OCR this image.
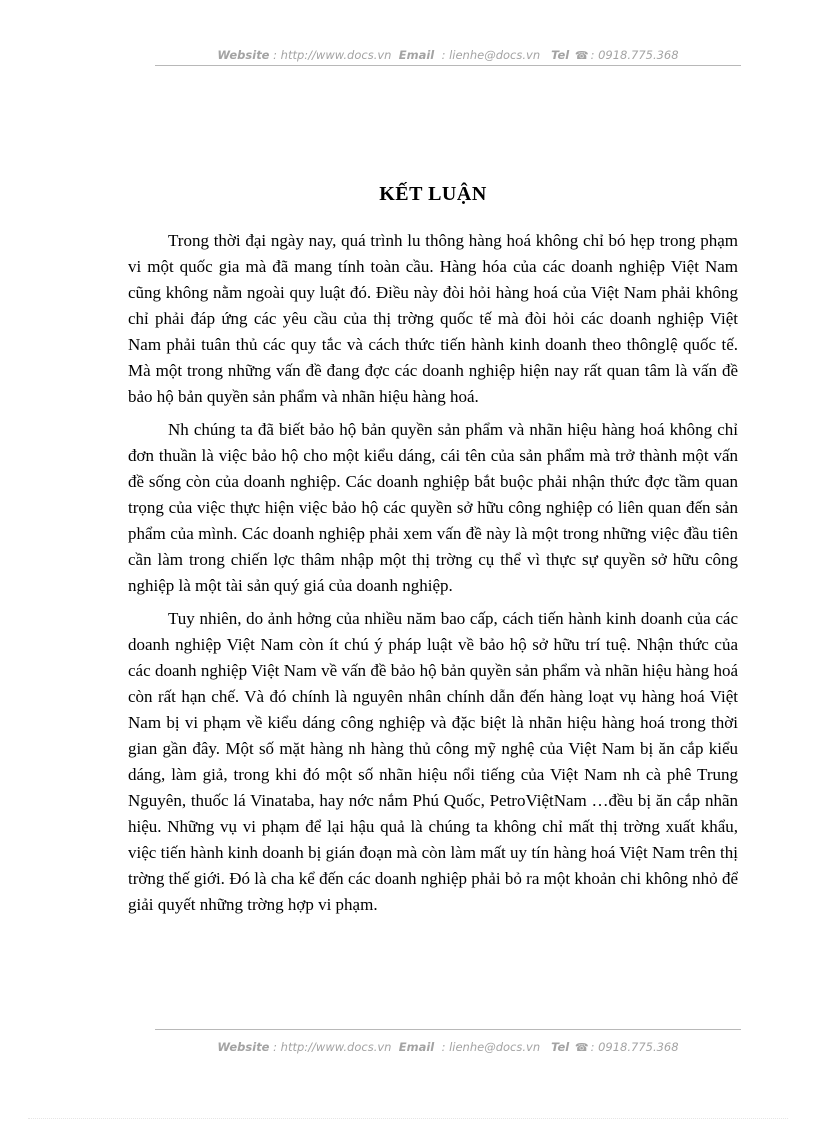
Website : http://www.docs.vn Email : lienhe@docs.vn Tel ☎ : 0918.775.368
KẾT LUẬN

Trong thời đại ngày nay, quá trình lu thông hàng hoá không chỉ bó hẹp trong phạm vi một quốc gia mà đã mang tính toàn cầu. Hàng hóa của các doanh nghiệp Việt Nam cũng không nằm ngoài quy luật đó. Điều này đòi hỏi hàng hoá của Việt Nam phải không chỉ phải đáp ứng các yêu cầu của thị trờng quốc tế mà đòi hỏi các doanh nghiệp Việt Nam phải tuân thủ các quy tắc và cách thức tiến hành kinh doanh theo thônglệ quốc tế. Mà một trong những vấn đề đang đợc các doanh nghiệp hiện nay rất quan tâm là vấn đề bảo hộ bản quyền sản phẩm và nhãn hiệu hàng hoá.

Nh chúng ta đã biết bảo hộ bản quyền sản phẩm và nhãn hiệu hàng hoá không chỉ đơn thuần là việc bảo hộ cho một kiểu dáng, cái tên của sản phẩm mà trở thành một vấn đề sống còn của doanh nghiệp. Các doanh nghiệp bắt buộc phải nhận thức đợc tầm quan trọng của việc thực hiện việc bảo hộ các quyền sở hữu công nghiệp có liên quan đến sản phẩm của mình. Các doanh nghiệp phải xem vấn đề này là một trong những việc đầu tiên cần làm trong chiến lợc thâm nhập một thị trờng cụ thể vì thực sự quyền sở hữu công nghiệp là một tài sản quý giá của doanh nghiệp.

Tuy nhiên, do ảnh hởng của nhiều năm bao cấp, cách tiến hành kinh doanh của các doanh nghiệp Việt Nam còn ít chú ý pháp luật về bảo hộ sở hữu trí tuệ. Nhận thức của các doanh nghiệp Việt Nam về vấn đề bảo hộ bản quyền sản phẩm và nhãn hiệu hàng hoá còn rất hạn chế. Và đó chính là nguyên nhân chính dẫn đến hàng loạt vụ hàng hoá Việt Nam bị vi phạm về kiểu dáng công nghiệp và đặc biệt là nhãn hiệu hàng hoá trong thời gian gần đây. Một số mặt hàng nh hàng thủ công mỹ nghệ của Việt Nam bị ăn cắp kiểu dáng, làm giả, trong khi đó một số nhãn hiệu nổi tiếng của Việt Nam nh cà phê Trung Nguyên, thuốc lá Vinataba, hay nớc nắm Phú Quốc, PetroViệtNam …đều bị ăn cắp nhãn hiệu. Những vụ vi phạm để lại hậu quả là chúng ta không chỉ mất thị trờng xuất khẩu, việc tiến hành kinh doanh bị gián đoạn mà còn làm mất uy tín hàng hoá Việt Nam trên thị trờng thế giới. Đó là cha kể đến các doanh nghiệp phải bỏ ra một khoản chi không nhỏ để giải quyết những trờng hợp vi phạm.

Website : http://www.docs.vn Email : lienhe@docs.vn Tel ☎ : 0918.775.368
